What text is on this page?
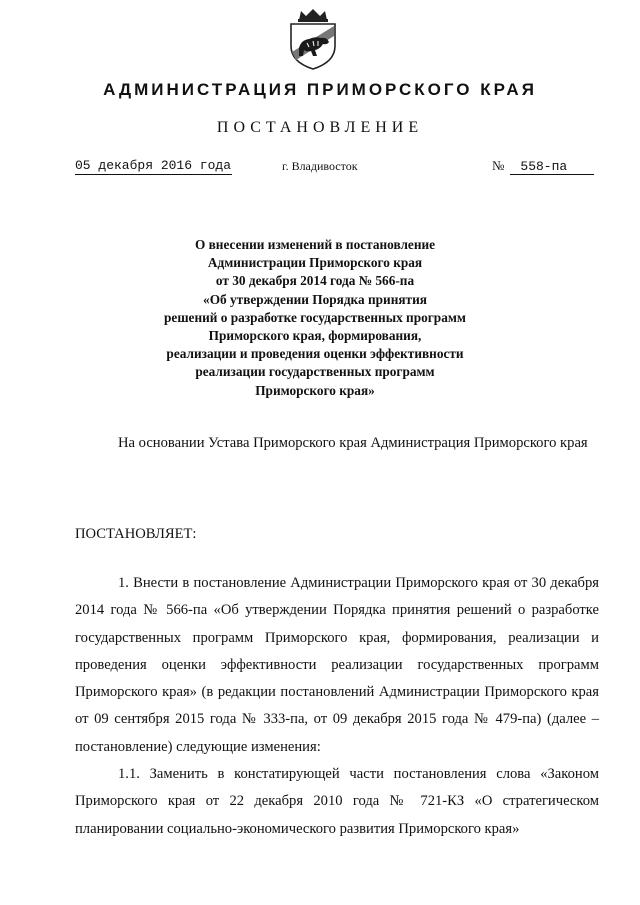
АДМИНИСТРАЦИЯ ПРИМОРСКОГО КРАЯ
ПОСТАНОВЛЕНИЕ
05 декабря 2016 года	г. Владивосток	№ 558-па
О внесении изменений в постановление
Администрации Приморского края
от 30 декабря 2014 года № 566-па
«Об утверждении Порядка принятия
решений о разработке государственных программ
Приморского края, формирования,
реализации и проведения оценки эффективности
реализации государственных программ
Приморского края»

На основании Устава Приморского края Администрация Приморского края

ПОСТАНОВЛЯЕТ:

1. Внести в постановление Администрации Приморского края от 30 декабря 2014 года № 566-па «Об утверждении Порядка принятия решений о разработке государственных программ Приморского края, формирования, реализации и проведения оценки эффективности реализации государственных программ Приморского края» (в редакции постановлений Администрации Приморского края от 09 сентября 2015 года № 333-па, от 09 декабря 2015 года № 479-па) (далее – постановление) следующие изменения:

1.1. Заменить в констатирующей части постановления слова «Законом Приморского края от 22 декабря 2010 года № 721-КЗ «О стратегическом планировании социально-экономического развития Приморского края»
